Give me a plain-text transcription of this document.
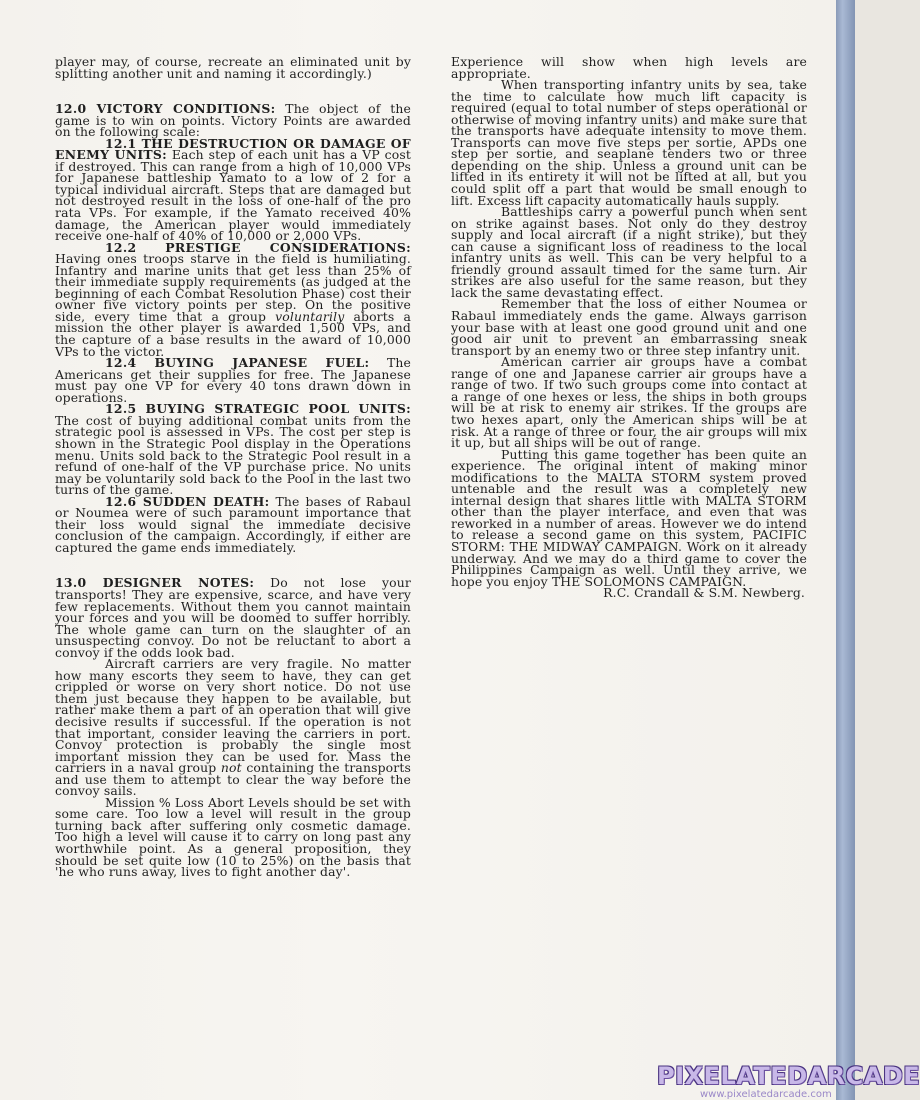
player may, of course, recreate an eliminated unit by splitting another unit and naming it accordingly.)

12.0 VICTORY CONDITIONS: The object of the game is to win on points. Victory Points are awarded on the following scale:

12.1 THE DESTRUCTION OR DAMAGE OF ENEMY UNITS: Each step of each unit has a VP cost if destroyed. This can range from a high of 10,000 VPs for Japanese battleship Yamato to a low of 2 for a typical individual aircraft. Steps that are damaged but not destroyed result in the loss of one-half of the pro rata VPs. For example, if the Yamato received 40% damage, the American player would immediately receive one-half of 40% of 10,000 or 2,000 VPs.

12.2 PRESTIGE CONSIDERATIONS: Having ones troops starve in the field is humiliating. Infantry and marine units that get less than 25% of their immediate supply requirements (as judged at the beginning of each Combat Resolution Phase) cost their owner five victory points per step. On the positive side, every time that a group voluntarily aborts a mission the other player is awarded 1,500 VPs, and the capture of a base results in the award of 10,000 VPs to the victor.

12.4 BUYING JAPANESE FUEL: The Americans get their supplies for free. The Japanese must pay one VP for every 40 tons drawn down in operations.

12.5 BUYING STRATEGIC POOL UNITS: The cost of buying additional combat units from the strategic pool is assessed in VPs. The cost per step is shown in the Strategic Pool display in the Operations menu. Units sold back to the Strategic Pool result in a refund of one-half of the VP purchase price. No units may be voluntarily sold back to the Pool in the last two turns of the game.

12.6 SUDDEN DEATH: The bases of Rabaul or Noumea were of such paramount importance that their loss would signal the immediate decisive conclusion of the campaign. Accordingly, if either are captured the game ends immediately.

13.0 DESIGNER NOTES: Do not lose your transports! They are expensive, scarce, and have very few replacements. Without them you cannot maintain your forces and you will be doomed to suffer horribly. The whole game can turn on the slaughter of an unsuspecting convoy. Do not be reluctant to abort a convoy if the odds look bad.

Aircraft carriers are very fragile. No matter how many escorts they seem to have, they can get crippled or worse on very short notice. Do not use them just because they happen to be available, but rather make them a part of an operation that will give decisive results if successful. If the operation is not that important, consider leaving the carriers in port. Convoy protection is probably the single most important mission they can be used for. Mass the carriers in a naval group not containing the transports and use them to attempt to clear the way before the convoy sails.

Mission % Loss Abort Levels should be set with some care. Too low a level will result in the group turning back after suffering only cosmetic damage. Too high a level will cause it to carry on long past any worthwhile point. As a general proposition, they should be set quite low (10 to 25%) on the basis that 'he who runs away, lives to fight another day'.

Experience will show when high levels are appropriate.

When transporting infantry units by sea, take the time to calculate how much lift capacity is required (equal to total number of steps operational or otherwise of moving infantry units) and make sure that the transports have adequate intensity to move them. Transports can move five steps per sortie, APDs one step per sortie, and seaplane tenders two or three depending on the ship. Unless a ground unit can be lifted in its entirety it will not be lifted at all, but you could split off a part that would be small enough to lift. Excess lift capacity automatically hauls supply.

Battleships carry a powerful punch when sent on strike against bases. Not only do they destroy supply and local aircraft (if a night strike), but they can cause a significant loss of readiness to the local infantry units as well. This can be very helpful to a friendly ground assault timed for the same turn. Air strikes are also useful for the same reason, but they lack the same devastating effect.

Remember that the loss of either Noumea or Rabaul immediately ends the game. Always garrison your base with at least one good ground unit and one good air unit to prevent an embarrassing sneak transport by an enemy two or three step infantry unit.

American carrier air groups have a combat range of one and Japanese carrier air groups have a range of two. If two such groups come into contact at a range of one hexes or less, the ships in both groups will be at risk to enemy air strikes. If the groups are two hexes apart, only the American ships will be at risk. At a range of three or four, the air groups will mix it up, but all ships will be out of range.

Putting this game together has been quite an experience. The original intent of making minor modifications to the MALTA STORM system proved untenable and the result was a completely new internal design that shares little with MALTA STORM other than the player interface, and even that was reworked in a number of areas. However we do intend to release a second game on this system, PACIFIC STORM: THE MIDWAY CAMPAIGN. Work on it already underway. And we may do a third game to cover the Philippines Campaign as well. Until they arrive, we hope you enjoy THE SOLOMONS CAMPAIGN.

R.C. Crandall & S.M. Newberg.

PIXELATEDARCADE
www.pixelatedarcade.com
